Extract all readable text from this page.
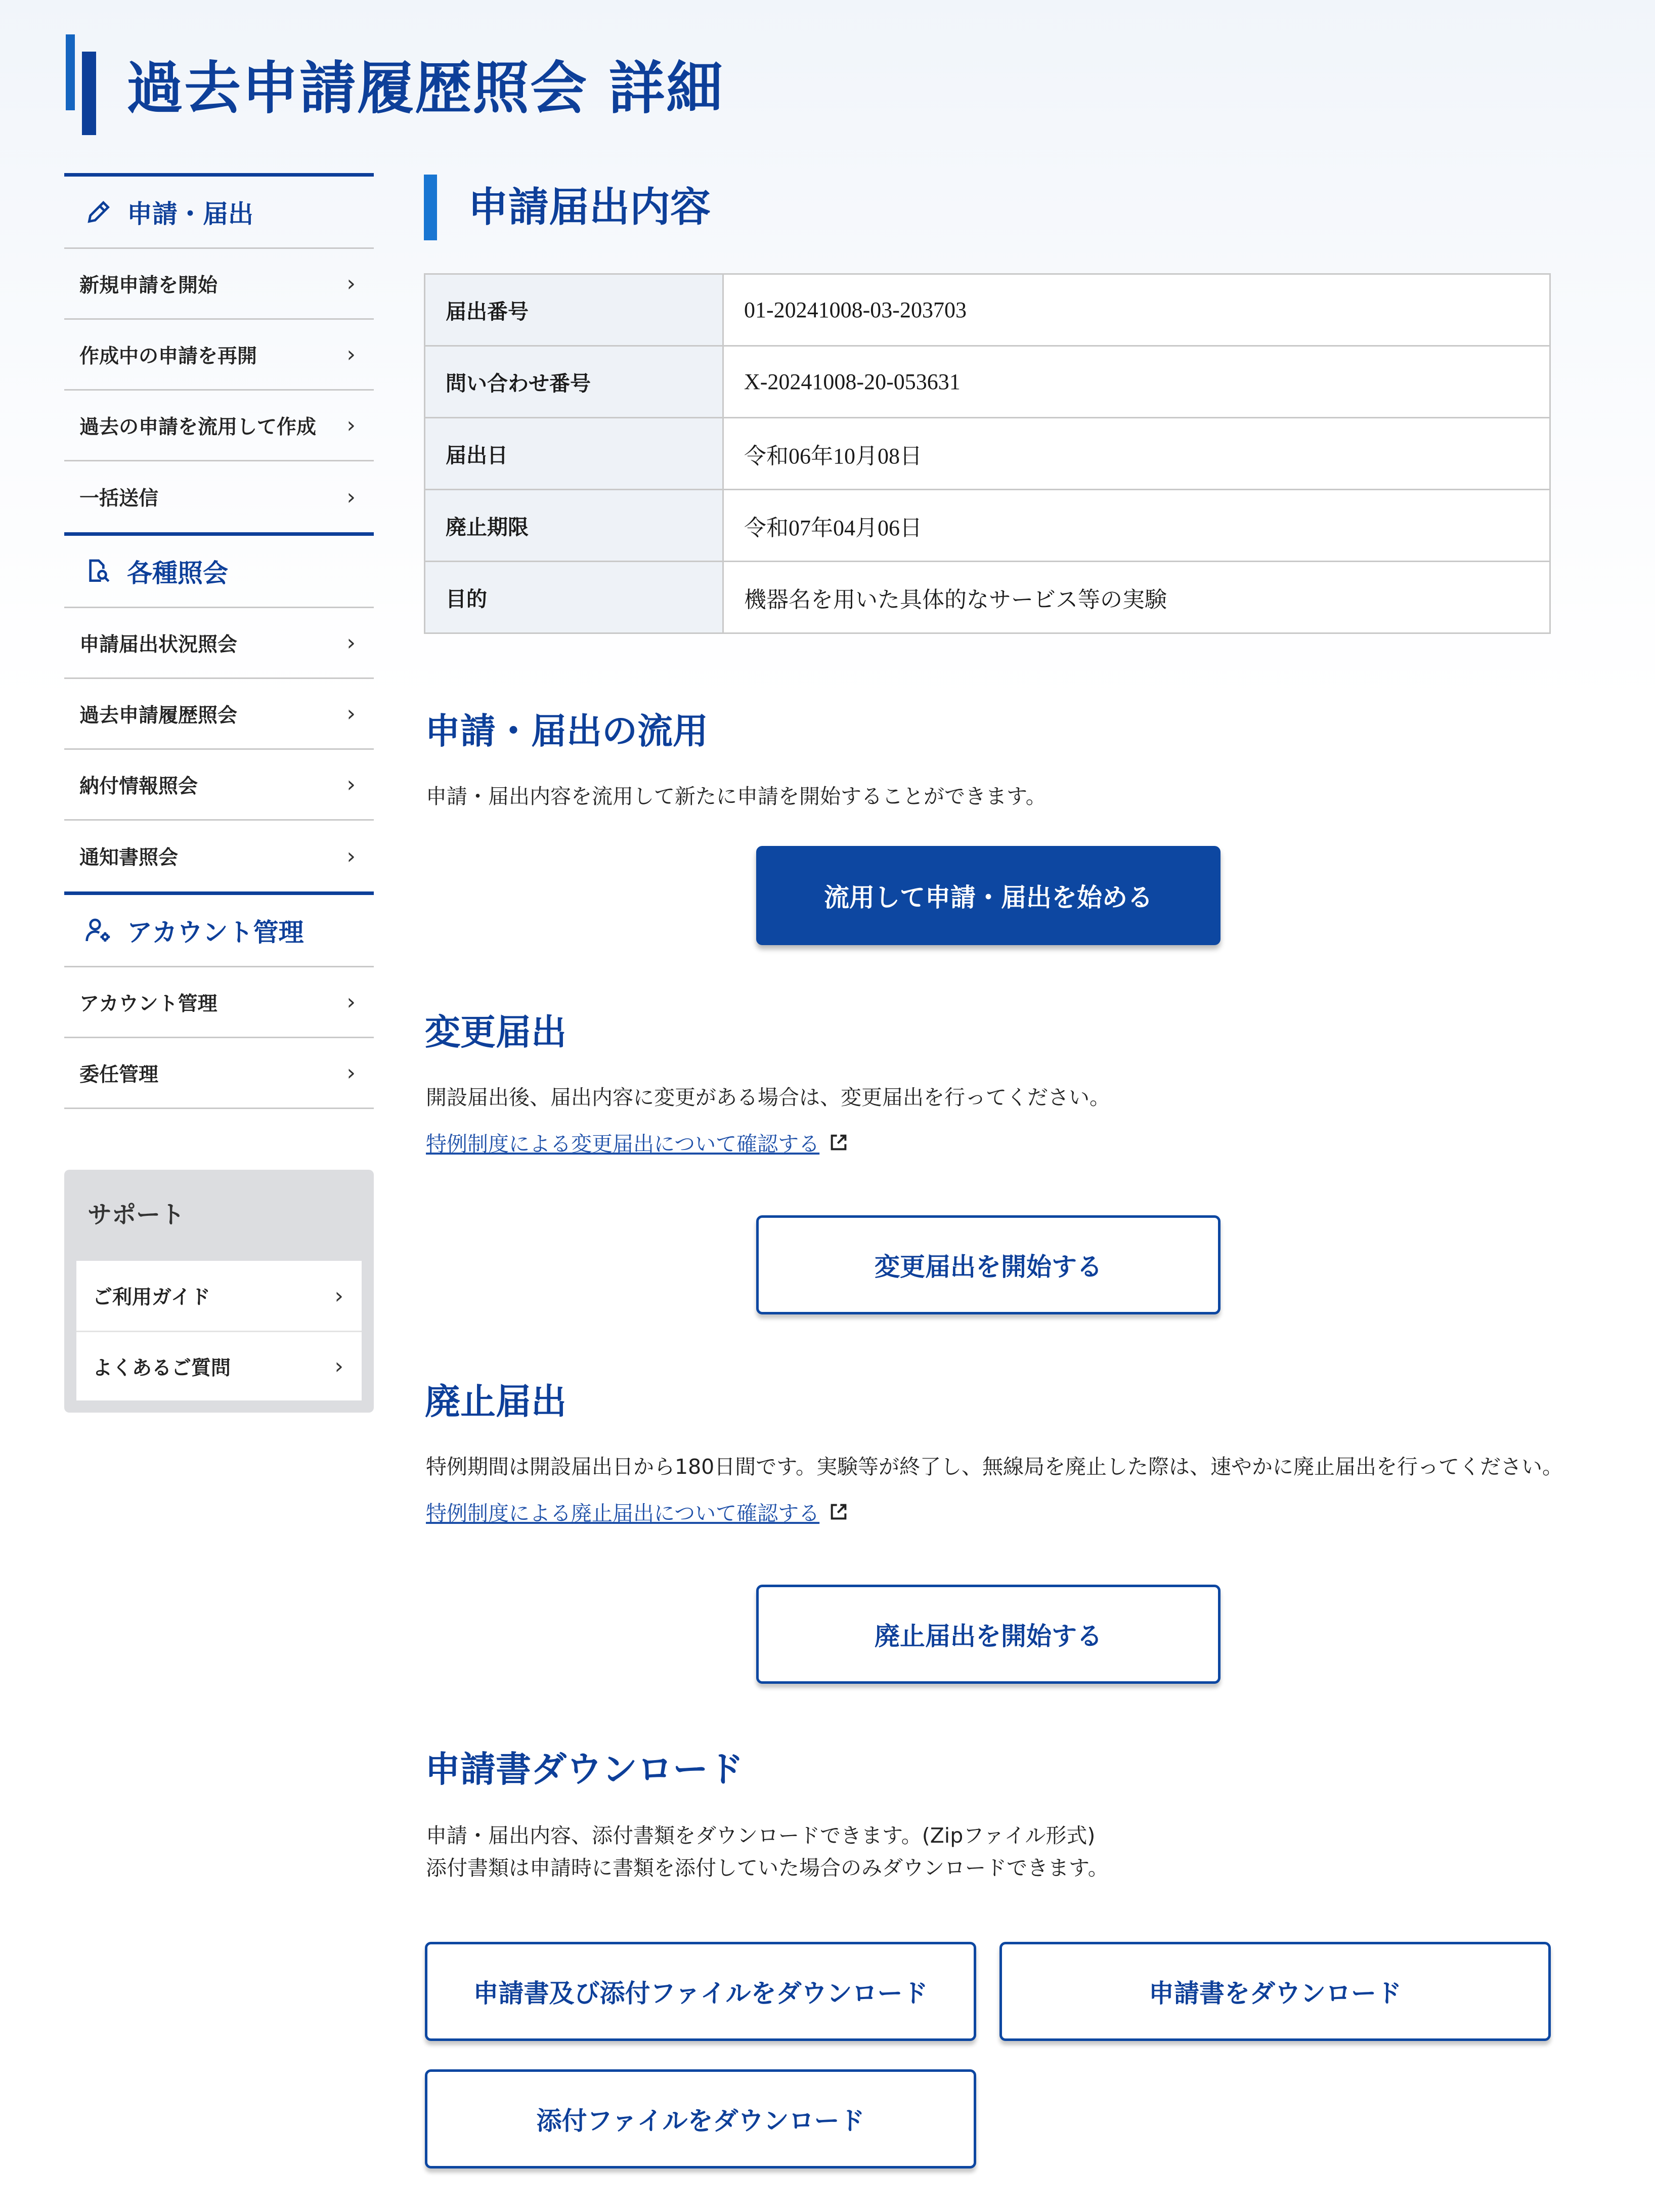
過去申請履歴照会 詳細
申請・届出
新規申請を開始	›
作成中の申請を再開	›
過去の申請を流用して作成 ›
一括送信	›
各種照会
申請届出状況照会	›
過去申請履歴照会	›
納付情報照会	›
通知書照会	›
アカウント管理
アカウント管理	›
委任管理	›
サポート
ご利用ガイド	›
よくあるご質問	›
申請届出内容
届出番号	01-20241008-03-203703
問い合わせ番号	X-20241008-20-053631
届出日	令和06年10月08日
廃止期限	令和07年04月06日
目的	機器名を用いた具体的なサービス等の実験
申請・届出の流用
申請・届出内容を流用して新たに申請を開始することができます。
流用して申請・届出を始める
変更届出
開設届出後、届出内容に変更がある場合は、変更届出を行ってください。
特例制度による変更届出について確認する
変更届出を開始する
廃止届出
特例期間は開設届出日から180日間です。実験等が終了し、無線局を廃止した際は、速やかに廃止届出を行ってください。
特例制度による廃止届出について確認する
廃止届出を開始する
申請書ダウンロード
申請・届出内容、添付書類をダウンロードできます。(Zipファイル形式)
添付書類は申請時に書類を添付していた場合のみダウンロードできます。
申請書及び添付ファイルをダウンロード	申請書をダウンロード
添付ファイルをダウンロード
